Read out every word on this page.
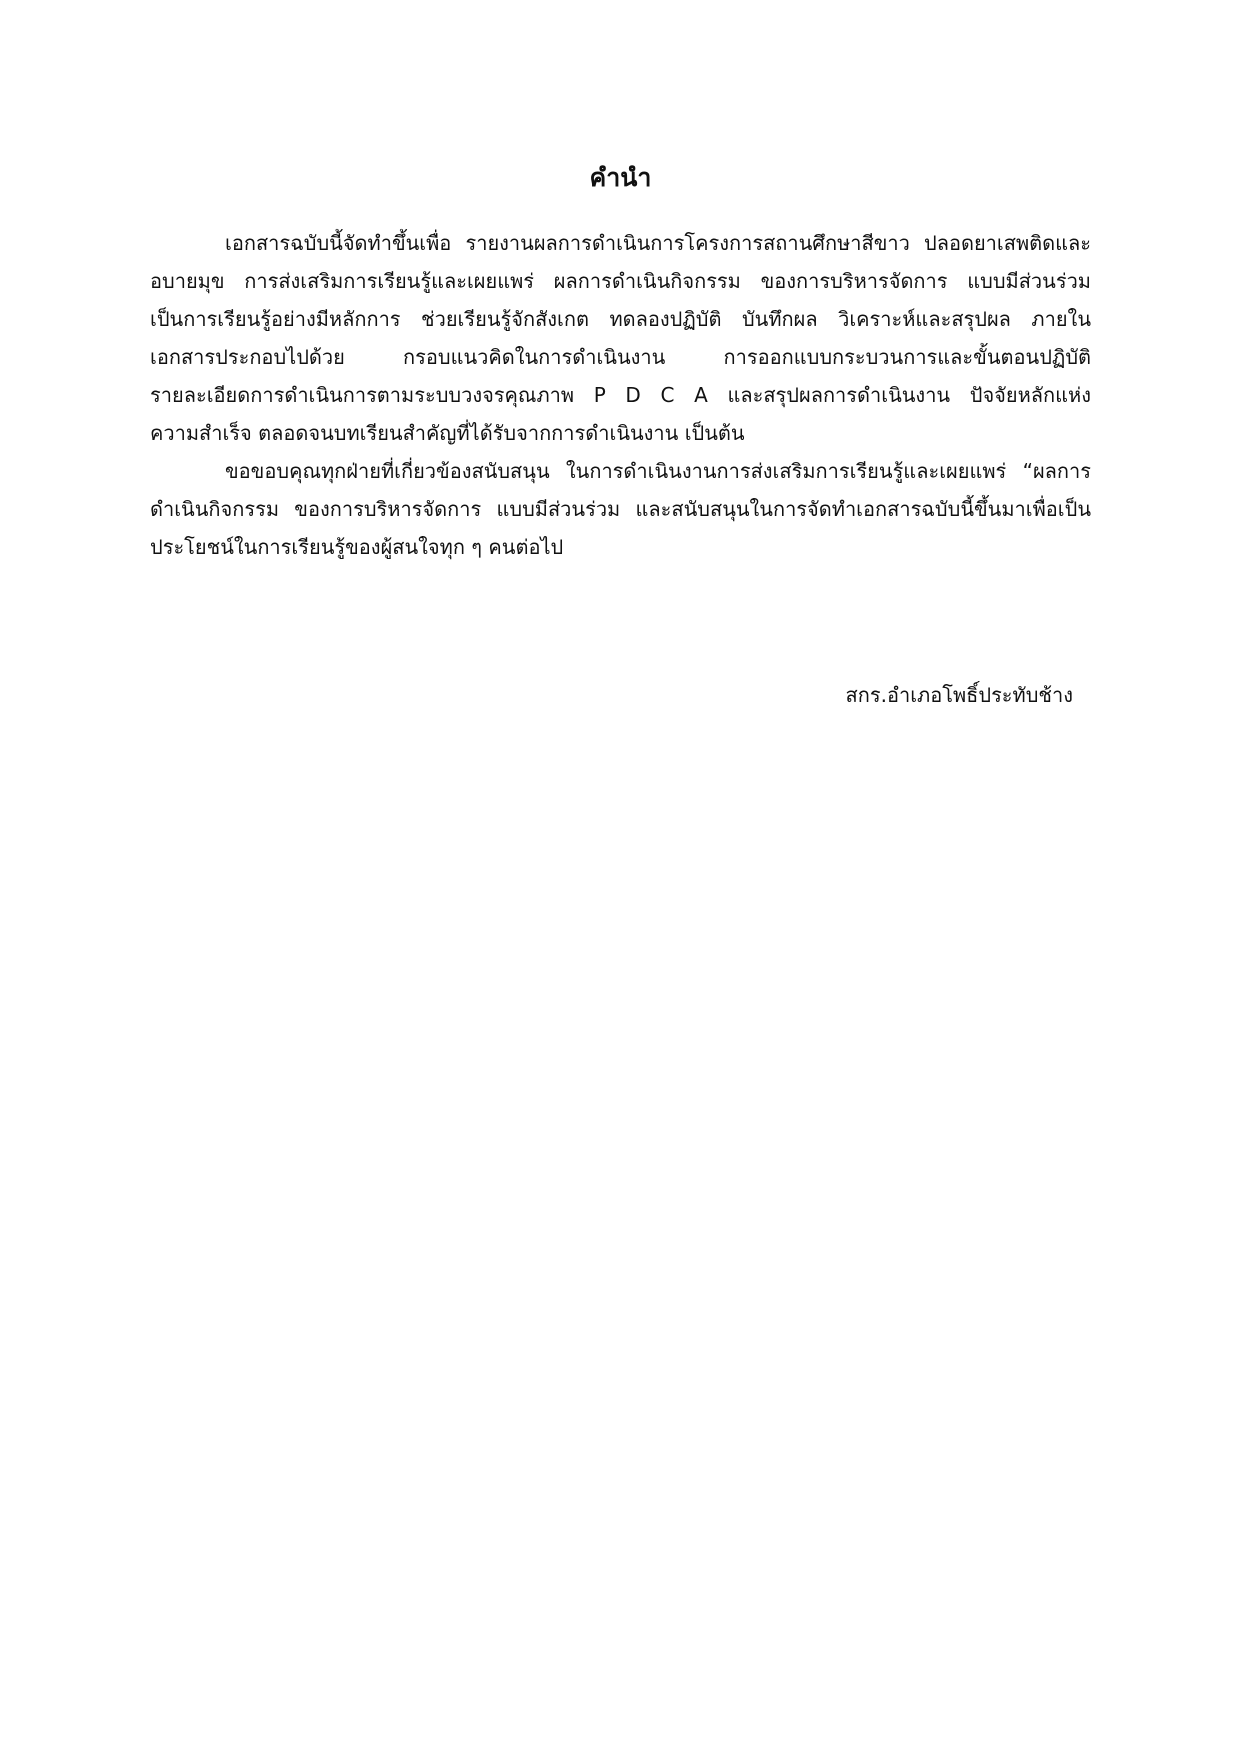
คำนำ
เอกสารฉบับนี้จัดทำขึ้นเพื่อ รายงานผลการดำเนินการโครงการสถานศึกษาสีขาว ปลอดยาเสพติดและ
อบายมุข การส่งเสริมการเรียนรู้และเผยแพร่ ผลการดำเนินกิจกรรม ของการบริหารจัดการ แบบมีส่วนร่วม
เป็นการเรียนรู้อย่างมีหลักการ ช่วยเรียนรู้จักสังเกต ทดลองปฏิบัติ บันทึกผล วิเคราะห์และสรุปผล ภายใน
เอกสารประกอบไปด้วย กรอบแนวคิดในการดำเนินงาน การออกแบบกระบวนการและขั้นตอนปฏิบัติ
รายละเอียดการดำเนินการตามระบบวงจรคุณภาพ P D C A และสรุปผลการดำเนินงาน ปัจจัยหลักแห่ง
ความสำเร็จ ตลอดจนบทเรียนสำคัญที่ได้รับจากการดำเนินงาน เป็นต้น
ขอขอบคุณทุกฝ่ายที่เกี่ยวข้องสนับสนุน ในการดำเนินงานการส่งเสริมการเรียนรู้และเผยแพร่ “ผลการ
ดำเนินกิจกรรม ของการบริหารจัดการ แบบมีส่วนร่วม และสนับสนุนในการจัดทำเอกสารฉบับนี้ขึ้นมาเพื่อเป็น
ประโยชน์ในการเรียนรู้ของผู้สนใจทุก ๆ คนต่อไป
สกร.อำเภอโพธิ์ประทับช้าง
